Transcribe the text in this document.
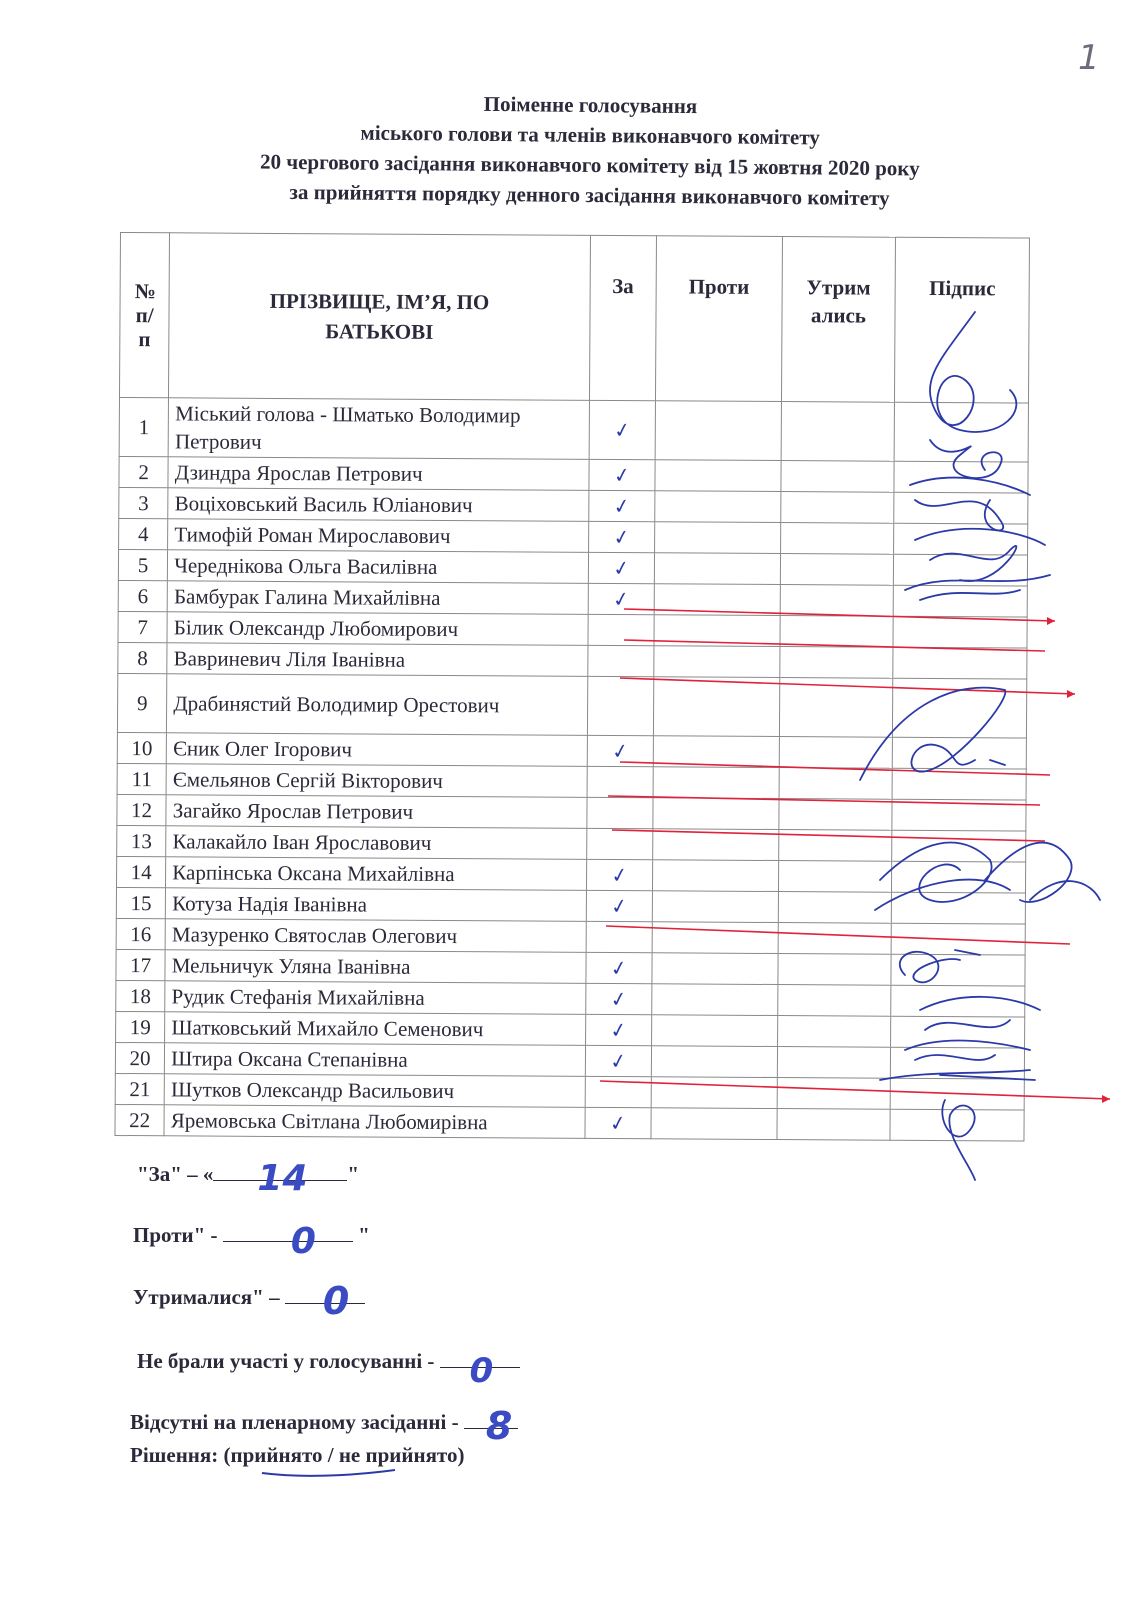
1
Поіменне голосування
міського голови та членів виконавчого комітету
20 чергового засідання виконавчого комітету від 15 жовтня 2020 року
за прийняття порядку денного засідання виконавчого комітету
№ п/п	ПРІЗВИЩЕ, ІМ’Я, ПО БАТЬКОВІ	За	Проти	Утрим ались	Підпис
1	Міський голова - Шматько Володимир Петрович	✓			
2	Дзиндра Ярослав Петрович	✓			
3	Воціховський Василь Юліанович	✓			
4	Тимофій Роман Мирославович	✓			
5	Череднікова Ольга Василівна	✓			
6	Бамбурак Галина Михайлівна	✓			
7	Білик Олександр Любомирович				
8	Вавриневич Ліля Іванівна				
9	Драбинястий Володимир Орестович				
10	Єник Олег Ігорович	✓			
11	Ємельянов Сергій Вікторович				
12	Загайко Ярослав Петрович				
13	Калакайло Іван Ярославович				
14	Карпінська Оксана Михайлівна	✓			
15	Котуза Надія Іванівна	✓			
16	Мазуренко Святослав Олегович				
17	Мельничук Уляна Іванівна	✓			
18	Рудик Стефанія Михайлівна	✓			
19	Шатковський Михайло Семенович	✓			
20	Штира Оксана Степанівна	✓			
21	Шутков Олександр Васильович				
22	Яремовська Світлана Любомирівна	✓			
"За" – « 14 "
Проти" - 0 "
Утрималися" – 0
Не брали участі у голосуванні - 0
Відсутні на пленарному засіданні - 8
Рішення: (прийнято / не прийнято)
